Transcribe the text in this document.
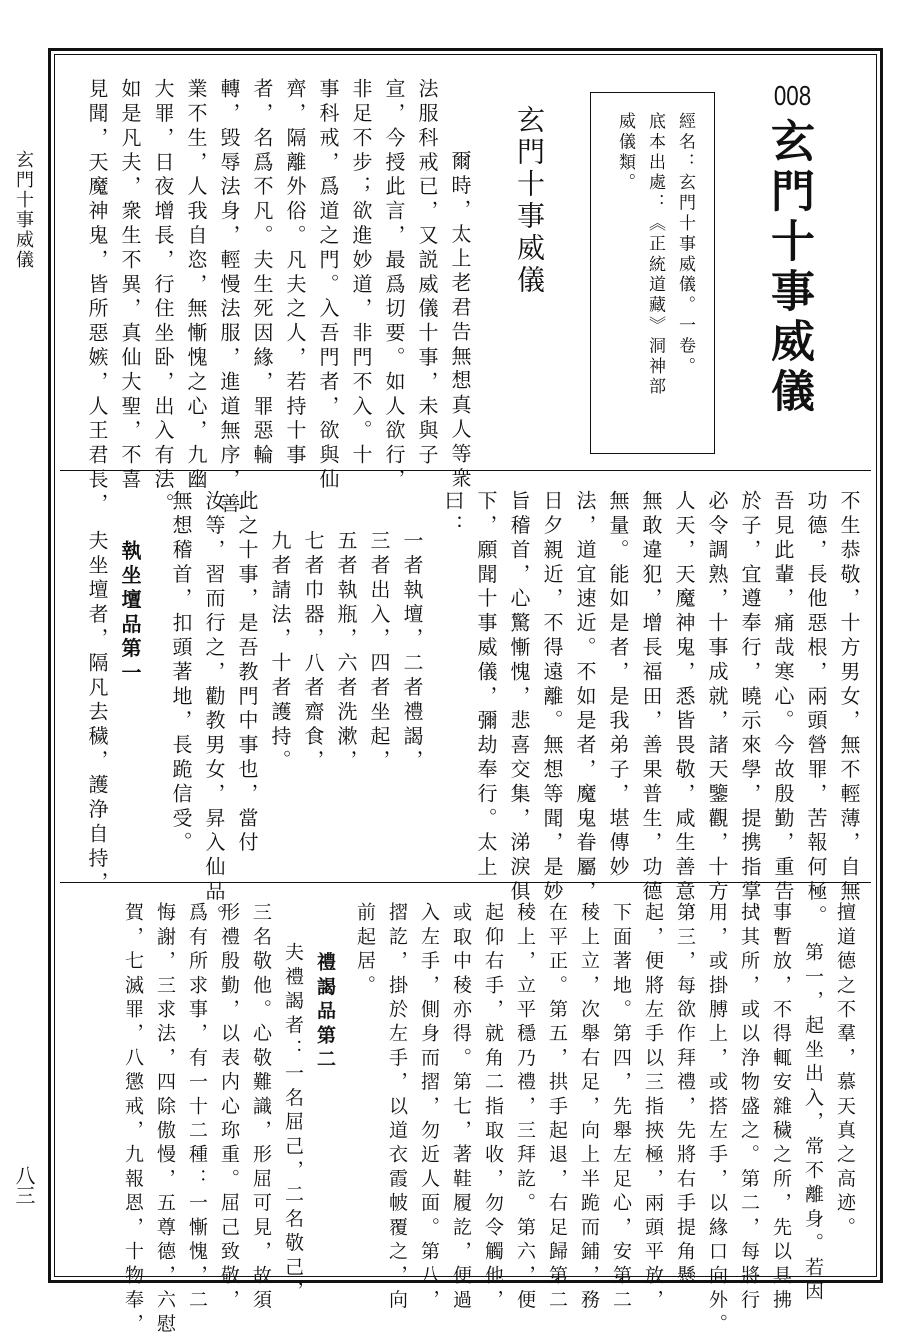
玄門十事威儀
八三
008
玄門十事威儀
經名：玄門十事威儀。一卷。
底本出處：《正統道藏》洞神部
威儀類。
玄門十事威儀
爾時，太上老君告無想真人等衆
法服科戒已，又説威儀十事，未與子
宣，今授此言，最爲切要。如人欲行，
非足不步；欲進妙道，非門不入。十
事科戒，爲道之門。入吾門者，欲與仙
齊，隔離外俗。凡夫之人，若持十事
者，名爲不凡。夫生死因緣，罪惡輪
轉，毁辱法身，輕慢法服，進道無序，善
業不生，人我自恣，無慚愧之心，九幽
大罪，日夜增長，行住坐卧，出入有法。
如是凡夫，衆生不異，真仙大聖，不喜
見聞，天魔神鬼，皆所惡嫉，人王君長，
不生恭敬，十方男女，無不輕薄，自無
功德，長他惡根，兩頭營罪，苦報何極。
吾見此輩，痛哉寒心。今故殷勤，重告
於子，宜遵奉行，曉示來學，提携指掌，
必令調熟，十事成就，諸天鑒觀，十方
人天，天魔神鬼，悉皆畏敬，咸生善意，
無敢違犯，增長福田，善果普生，功德
無量。能如是者，是我弟子，堪傳妙
法，道宜速近。不如是者，魔鬼眷屬，
日夕親近，不得遠離。無想等聞，是妙
旨稽首，心驚慚愧，悲喜交集，涕淚俱
下，願聞十事威儀，彌劫奉行。太上
曰：
一者執壇，二者禮謁，
三者出入，四者坐起，
五者執瓶，六者洗漱，
七者巾器，八者齋食，
九者請法，十者護持。
此之十事，是吾教門中事也，當付
汝等，習而行之，勸教男女，昇入仙品。
無想稽首，扣頭著地，長跪信受。
執坐壇品第一
夫坐壇者，隔凡去穢，護浄自持，
擅道德之不羣，慕天真之高迹。
第一，起坐出入，常不離身。若因
事暫放，不得輒安雜穢之所，先以具拂
拭其所，或以浄物盛之。第二，每將行
用，或掛膊上，或搭左手，以緣口向外。
第三，每欲作拜禮，先將右手提角懸
起，便將左手以三指挾極，兩頭平放，
下面著地。第四，先舉左足心，安第二
稜上立，次舉右足，向上半跪而鋪，務
在平正。第五，拱手起退，右足歸第二
稜上，立平穩乃禮，三拜訖。第六，便
起仰右手，就角二指取收，勿令觸他，
或取中稜亦得。第七，著鞋履訖，便過
入左手，側身而摺，勿近人面。第八，
摺訖，掛於左手，以道衣霞帔覆之，向
前起居。
禮謁品第二
夫禮謁者：一名屈己，二名敬己，
三名敬他。心敬難識，形屈可見，故須
形禮殷勤，以表内心珎重。屈己致敬，
爲有所求事，有一十二種：一慚愧，二
悔謝，三求法，四除傲慢，五尊德，六慰
賀，七滅罪，八懲戒，九報恩，十物奉，
